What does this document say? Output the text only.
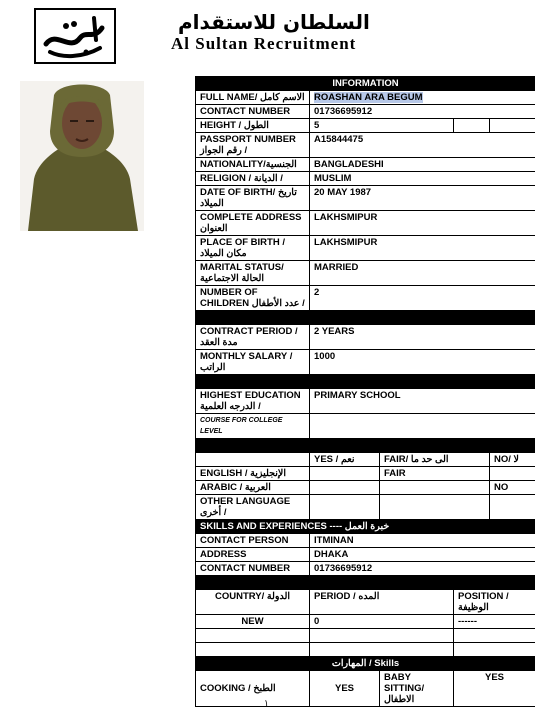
السلطان للاستقدام
Al Sultan Recruitment
INFORMATION				
FULL NAME/ الاسم كامل	ROASHAN ARA BEGUM			
CONTACT NUMBER	01736695912			
HEIGHT / الطول	5			
PASSPORT NUMBER رقم الجواز /	A15844475			
NATIONALITY/الجنسية	BANGLADESHI			
RELIGION / الديانة /	MUSLIM			
DATE OF BIRTH/ تاريخ الميلاد	20 MAY 1987			
COMPLETE ADDRESS العنوان	LAKHSMIPUR			
PLACE OF BIRTH / مكان الميلاد	LAKHSMIPUR			
MARITAL STATUS/ الحالة الاجتماعية	MARRIED			
NUMBER OF CHILDREN عدد الأطفال /	2			

CONTRACT PERIOD / مدة العقد	2 YEARS			
MONTHLY SALARY / الراتب	1000			

HIGHEST EDUCATION الدرجه العلمية /	PRIMARY SCHOOL			
COURSE FOR COLLEGE LEVEL				

	YES / نعم	FAIR/ الى حد ما		NO/ لا
ENGLISH / الإنجليزية		FAIR		
ARABIC / العربية				NO
OTHER LANGUAGE أخرى /				
SKILLS AND EXPERIENCES ---- خبرة العمل				
CONTACT PERSON	ITMINAN			
ADDRESS	DHAKA			
CONTACT NUMBER	01736695912			

COUNTRY/ الدولة	PERIOD / المده		POSITION / الوظيفة	
NEW	0		------	

المهارات / Skills				
COOKING / الطبخ	YES	BABY SITTING/ الاطفال	YES	
١
